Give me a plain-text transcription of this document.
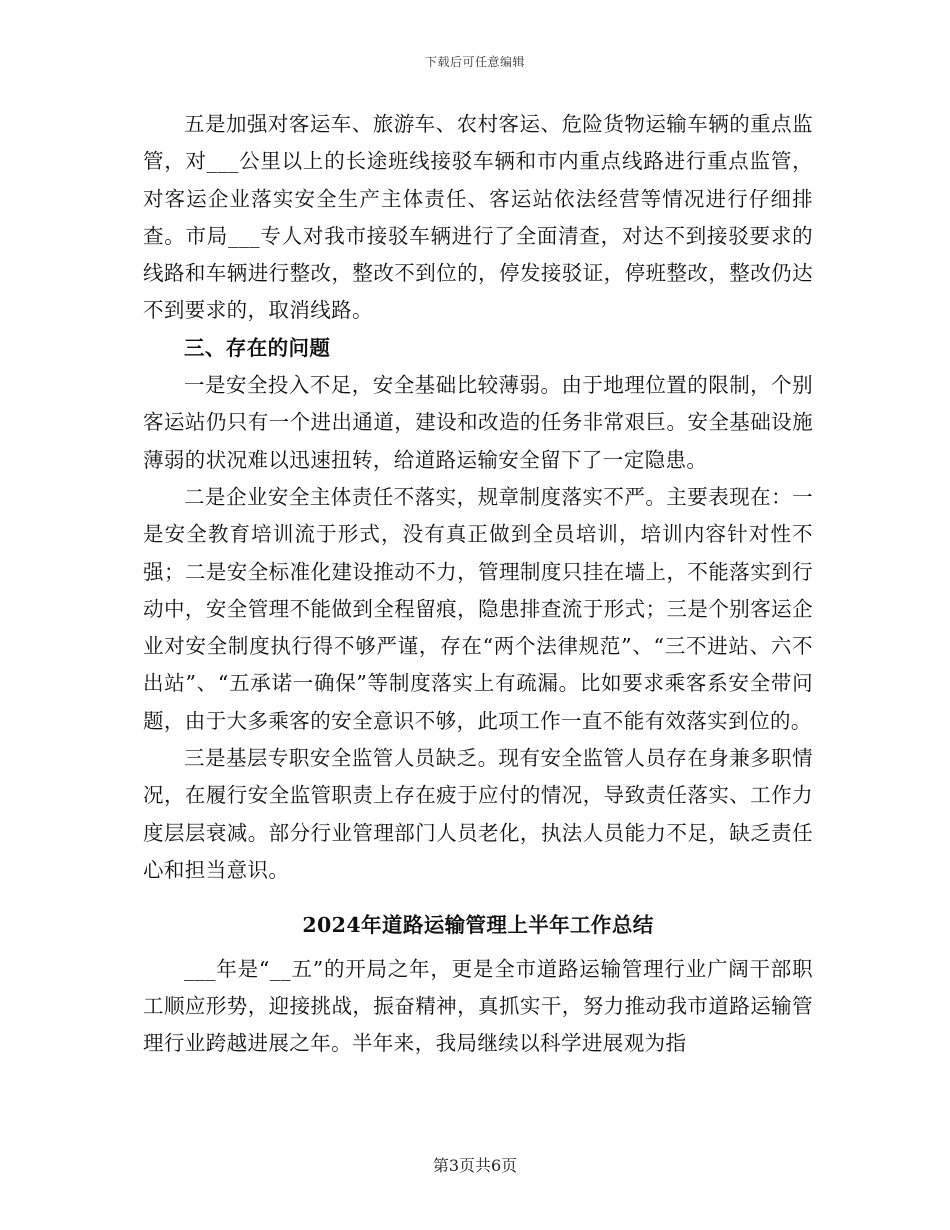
下载后可任意编辑

五是加强对客运车、旅游车、农村客运、危险货物运输车辆的重点监管，对___公里以上的长途班线接驳车辆和市内重点线路进行重点监管，对客运企业落实安全生产主体责任、客运站依法经营等情况进行仔细排查。市局___专人对我市接驳车辆进行了全面清查，对达不到接驳要求的线路和车辆进行整改，整改不到位的，停发接驳证，停班整改，整改仍达不到要求的，取消线路。

三、存在的问题

一是安全投入不足，安全基础比较薄弱。由于地理位置的限制，个别客运站仍只有一个进出通道，建设和改造的任务非常艰巨。安全基础设施薄弱的状况难以迅速扭转，给道路运输安全留下了一定隐患。

二是企业安全主体责任不落实，规章制度落实不严。主要表现在：一是安全教育培训流于形式，没有真正做到全员培训，培训内容针对性不强；二是安全标准化建设推动不力，管理制度只挂在墙上，不能落实到行动中，安全管理不能做到全程留痕，隐患排查流于形式；三是个别客运企业对安全制度执行得不够严谨，存在“两个法律规范”、“三不进站、六不出站”、“五承诺一确保”等制度落实上有疏漏。比如要求乘客系安全带问题，由于大多乘客的安全意识不够，此项工作一直不能有效落实到位的。

三是基层专职安全监管人员缺乏。现有安全监管人员存在身兼多职情况，在履行安全监管职责上存在疲于应付的情况，导致责任落实、工作力度层层衰减。部分行业管理部门人员老化，执法人员能力不足，缺乏责任心和担当意识。

2024年道路运输管理上半年工作总结

___年是“__五”的开局之年，更是全市道路运输管理行业广阔干部职工顺应形势，迎接挑战，振奋精神，真抓实干，努力推动我市道路运输管理行业跨越进展之年。半年来，我局继续以科学进展观为指

第3页共6页
